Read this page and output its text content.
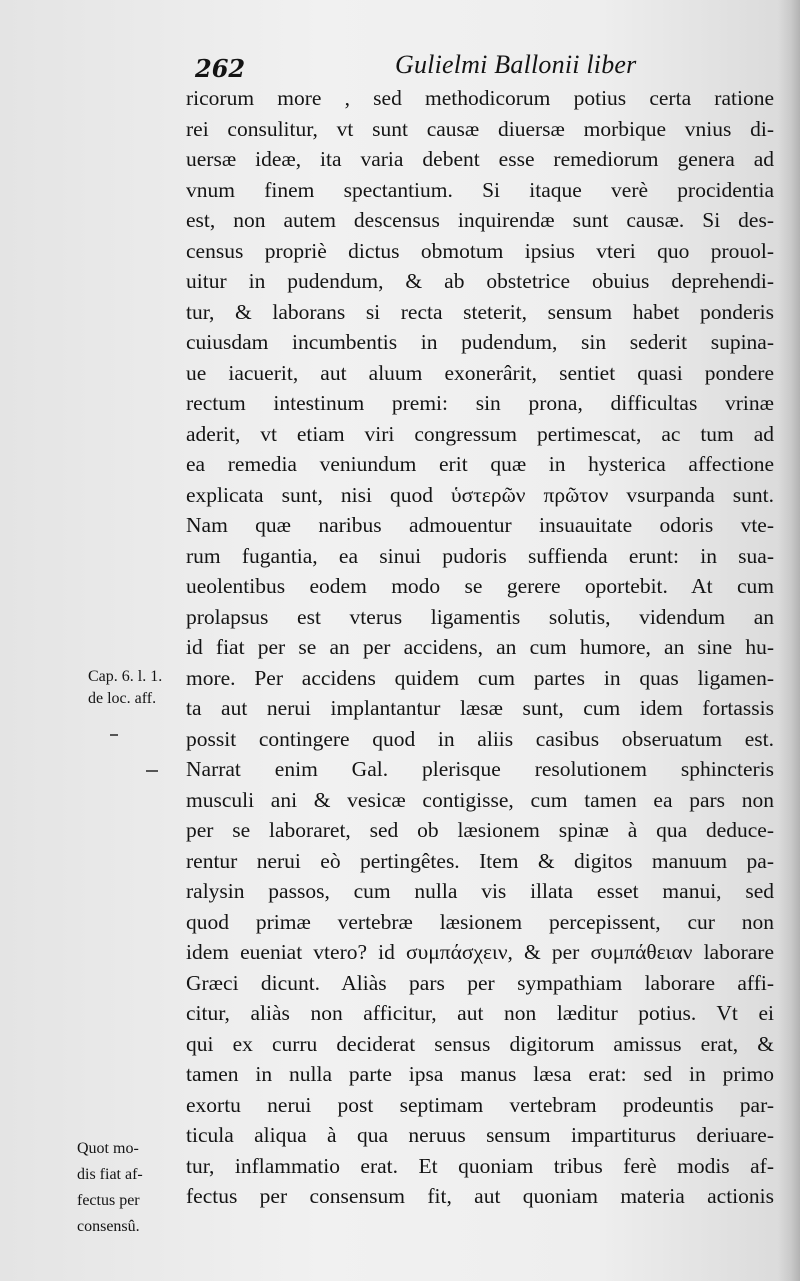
262	Gulielmi Ballonii liber
Cap. 6. l. 1.
de loc. aff.
Quot mo-
dis fiat af-
fectus per
consensû.
ricorum more , sed methodicorum potius certa ratione
rei consulitur, vt sunt causæ diuersæ morbique vnius di-
uersæ ideæ, ita varia debent esse remediorum genera ad
vnum finem spectantium. Si itaque verè procidentia
est, non autem descensus inquirendæ sunt causæ. Si des-
census propriè dictus obmotum ipsius vteri quo prouol-
uitur in pudendum, & ab obstetrice obuius deprehendi-
tur, & laborans si recta steterit, sensum habet ponderis
cuiusdam incumbentis in pudendum, sin sederit supina-
ue iacuerit, aut aluum exonerârit, sentiet quasi pondere
rectum intestinum premi: sin prona, difficultas vrinæ
aderit, vt etiam viri congressum pertimescat, ac tum ad
ea remedia veniundum erit quæ in hysterica affectione
explicata sunt, nisi quod ὑστερῶν πρῶτον vsurpanda sunt.
Nam quæ naribus admouentur insuauitate odoris vte-
rum fugantia, ea sinui pudoris suffienda erunt: in sua-
ueolentibus eodem modo se gerere oportebit. At cum
prolapsus est vterus ligamentis solutis, videndum an
id fiat per se an per accidens, an cum humore, an sine hu-
more. Per accidens quidem cum partes in quas ligamen-
ta aut nerui implantantur læsæ sunt, cum idem fortassis
possit contingere quod in aliis casibus obseruatum est.
Narrat enim Gal. plerisque resolutionem sphincteris
musculi ani & vesicæ contigisse, cum tamen ea pars non
per se laboraret, sed ob læsionem spinæ à qua deduce-
rentur nerui eò pertingêtes. Item & digitos manuum pa-
ralysin passos, cum nulla vis illata esset manui, sed
quod primæ vertebræ læsionem percepissent, cur non
idem eueniat vtero? id συμπάσχειν, & per συμπάθειαν laborare
Græci dicunt. Aliàs pars per sympathiam laborare affi-
citur, aliàs non afficitur, aut non læditur potius. Vt ei
qui ex curru deciderat sensus digitorum amissus erat, &
tamen in nulla parte ipsa manus læsa erat: sed in primo
exortu nerui post septimam vertebram prodeuntis par-
ticula aliqua à qua neruus sensum impartiturus deriuare-
tur, inflammatio erat. Et quoniam tribus ferè modis af-
fectus per consensum fit, aut quoniam materia actionis
